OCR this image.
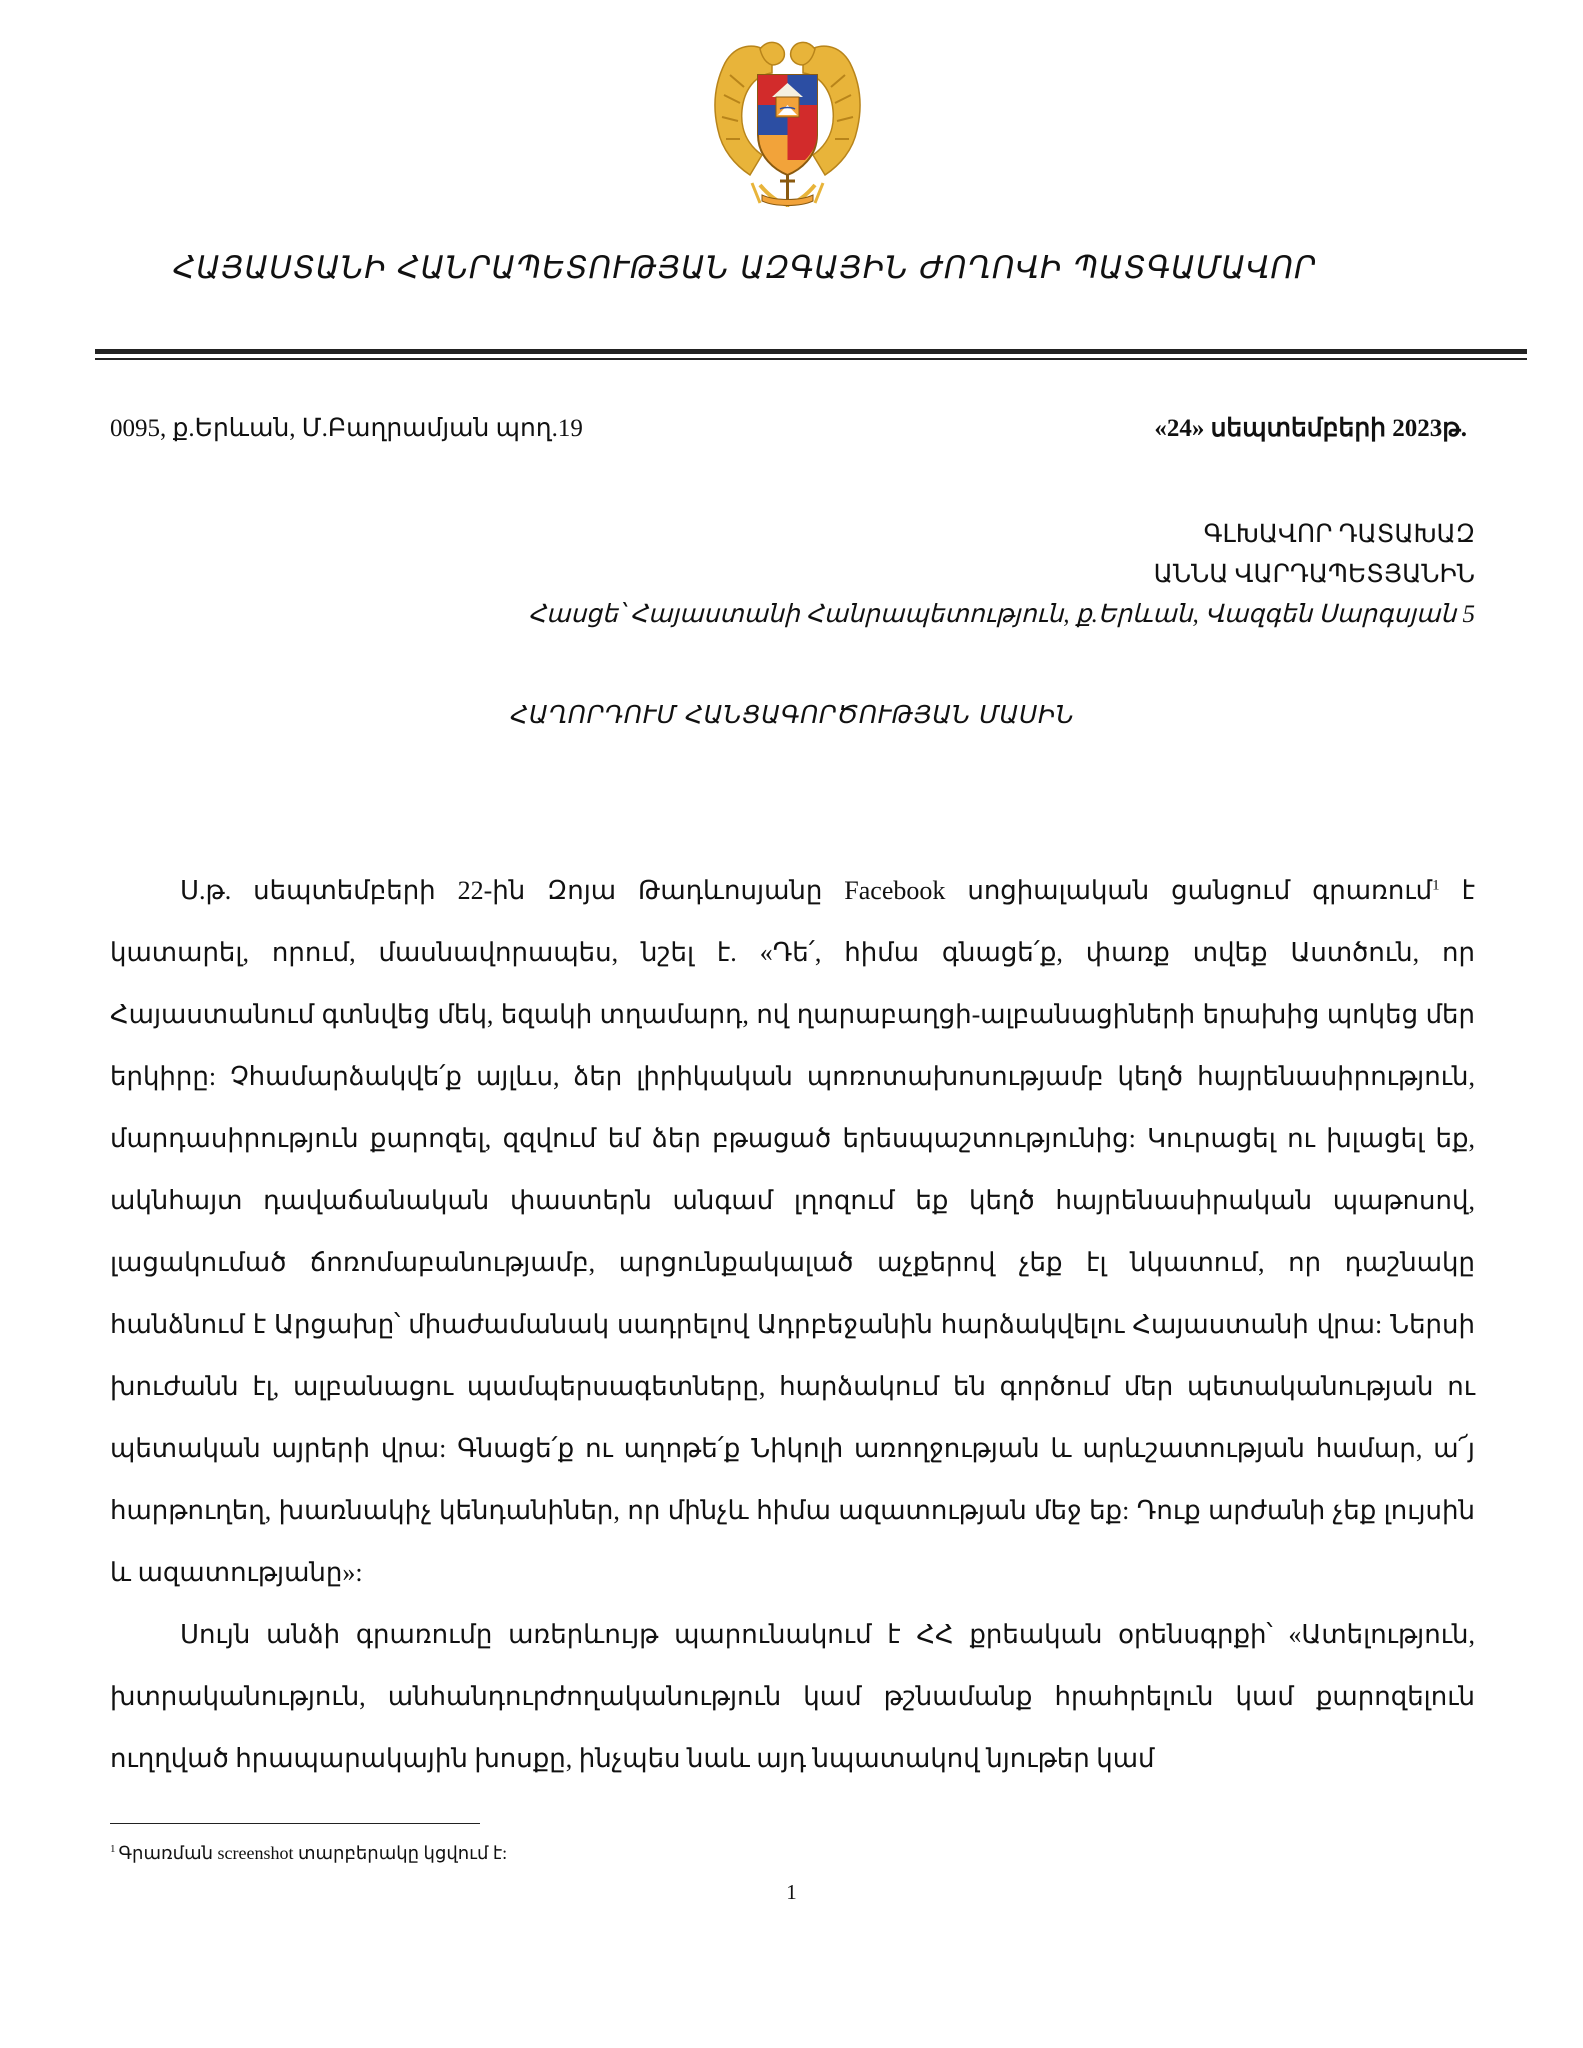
ՀԱՅԱՍՏԱՆԻ ՀԱՆՐԱՊԵՏՈՒԹՅԱՆ ԱԶԳԱՅԻՆ ԺՈՂՈՎԻ ՊԱՏԳԱՄԱՎՈՐ
0095, ք.Երևան, Մ.Բաղրամյան պող.19	«24» սեպտեմբերի 2023թ.
ԳԼԽԱՎՈՐ ԴԱՏԱԽԱԶ
ԱՆՆԱ ՎԱՐԴԱՊԵՏՅԱՆԻՆ
Հասցե՝ Հայաստանի Հանրապետություն, ք.Երևան, Վազգեն Սարգսյան 5
ՀԱՂՈՐԴՈՒՄ ՀԱՆՑԱԳՈՐԾՈՒԹՅԱՆ ՄԱՍԻՆ

Ս.թ. սեպտեմբերի 22-ին Զոյա Թադևոսյանը Facebook սոցիալական ցանցում գրառում$^1$ է կատարել, որում, մասնավորապես, նշել է. «Դե՛, հիմա գնացե՛ք, փառք տվեք Աստծուն, որ Հայաստանում գտնվեց մեկ, եզակի տղամարդ, ով ղարաբաղցի-ալբանացիների երախից պոկեց մեր երկիրը: Չհամարձակվե՛ք այլևս, ձեր լիրիկական պոռոտախոսությամբ կեղծ հայրենասիրություն, մարդասիրություն քարոզել, զզվում եմ ձեր բթացած երեսպաշտությունից: Կուրացել ու խլացել եք, ակնհայտ դավաճանական փաստերն անգամ լղոզում եք կեղծ հայրենասիրական պաթոսով, լացակումած ճոռոմաբանությամբ, արցունքակալած աչքերով չեք էլ նկատում, որ դաշնակը հանձնում է Արցախը՝ միաժամանակ սադրելով Ադրբեջանին հարձակվելու Հայաստանի վրա: Ներսի խուժանն էլ, ալբանացու պամպերսագետները, հարձակում են գործում մեր պետականության ու պետական այրերի վրա: Գնացե՛ք ու աղոթե՛ք Նիկոլի առողջության և արևշատության համար, ա՜յ հարթուղեղ, խառնակիչ կենդանիներ, որ մինչև հիմա ազատության մեջ եք: Դուք արժանի չեք լույսին և ազատությանը»:

Սույն անձի գրառումը առերևույթ պարունակում է ՀՀ քրեական օրենսգրքի՝ «Ատելություն, խտրականություն, անհանդուրժողականություն կամ թշնամանք հրահրելուն կամ քարոզելուն ուղղված հրապարակային խոսքը, ինչպես նաև այդ նպատակով նյութեր կամ

$^1$ Գրառման screenshot տարբերակը կցվում է:
1
